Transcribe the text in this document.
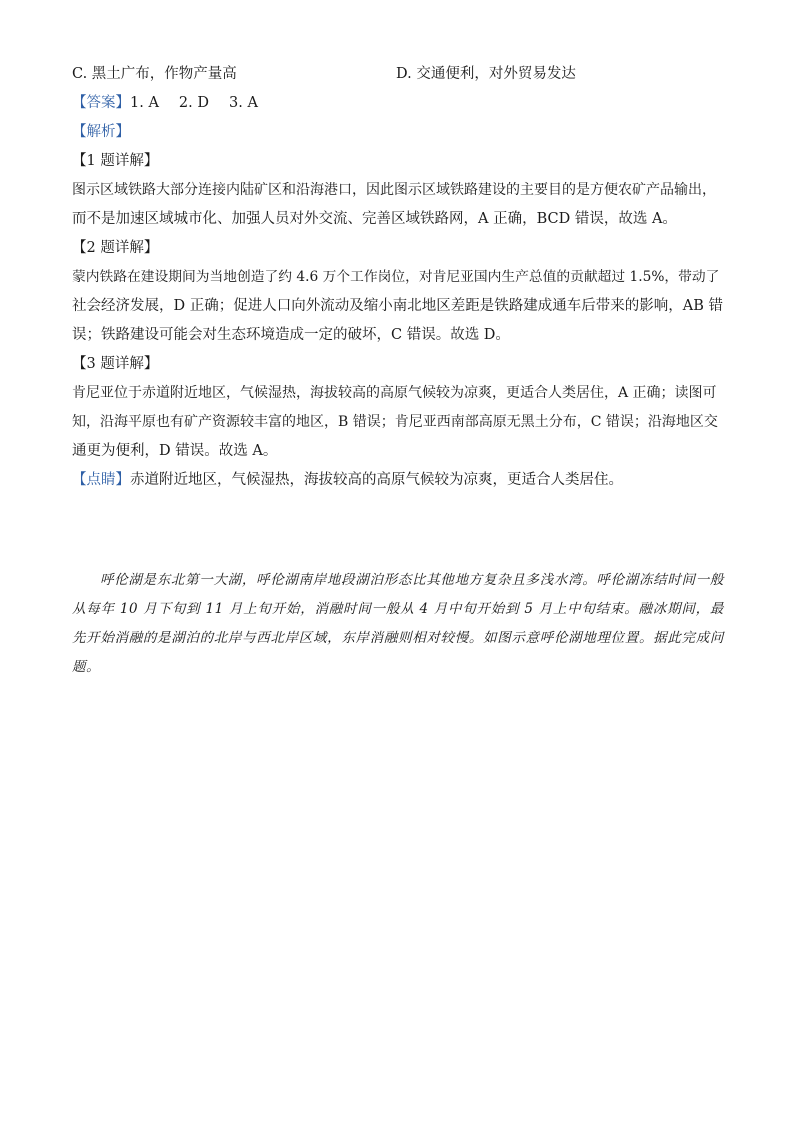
C. 黑土广布，作物产量高	D. 交通便利，对外贸易发达
【答案】1. A 2. D 3. A
【解析】
【1 题详解】
图示区域铁路大部分连接内陆矿区和沿海港口，因此图示区域铁路建设的主要目的是方便农矿产品输出，
而不是加速区域城市化、加强人员对外交流、完善区域铁路网，A 正确，BCD 错误，故选 A。
【2 题详解】
蒙内铁路在建设期间为当地创造了约 4.6 万个工作岗位，对肯尼亚国内生产总值的贡献超过 1.5%，带动了
社会经济发展，D 正确；促进人口向外流动及缩小南北地区差距是铁路建成通车后带来的影响，AB 错
误；铁路建设可能会对生态环境造成一定的破坏，C 错误。故选 D。
【3 题详解】
肯尼亚位于赤道附近地区，气候湿热，海拔较高的高原气候较为凉爽，更适合人类居住，A 正确；读图可
知，沿海平原也有矿产资源较丰富的地区，B 错误；肯尼亚西南部高原无黑土分布，C 错误；沿海地区交
通更为便利，D 错误。故选 A。
【点睛】赤道附近地区，气候湿热，海拔较高的高原气候较为凉爽，更适合人类居住。
呼伦湖是东北第一大湖，呼伦湖南岸地段湖泊形态比其他地方复杂且多浅水湾。呼伦湖冻结时间一般从每年 10 月下旬到 11 月上旬开始，消融时间一般从 4 月中旬开始到 5 月上中旬结束。融冰期间，最先开始消融的是湖泊的北岸与西北岸区域，东岸消融则相对较慢。如图示意呼伦湖地理位置。据此完成问题。
